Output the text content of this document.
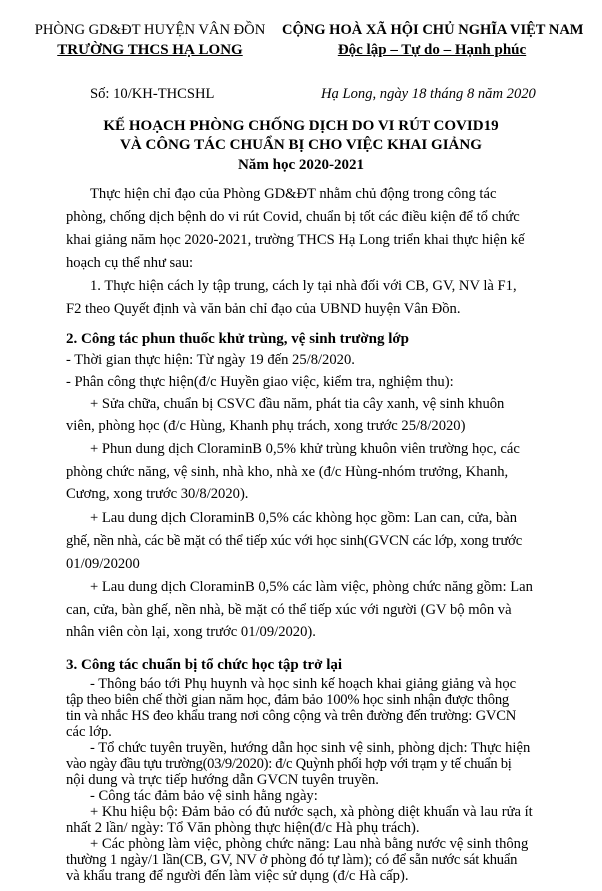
PHÒNG GD&ĐT HUYỆN VÂN ĐỒN
TRƯỜNG THCS HẠ LONG
CỘNG HOÀ XÃ HỘI CHỦ NGHĨA VIỆT NAM
Độc lập – Tự do – Hạnh phúc
Số: 10/KH-THCSHL	Hạ Long, ngày 18 tháng 8 năm 2020
KẾ HOẠCH PHÒNG CHỐNG DỊCH DO VI RÚT COVID19
VÀ CÔNG TÁC CHUẨN BỊ CHO VIỆC KHAI GIẢNG
Năm học 2020-2021
Thực hiện chỉ đạo của Phòng GD&ĐT nhằm chủ động trong công tác
phòng, chống dịch bệnh do vi rút Covid, chuẩn bị tốt các điều kiện để tổ chức
khai giảng năm học 2020-2021, trường THCS Hạ Long triển khai thực hiện kế
hoạch cụ thể như sau:
1. Thực hiện cách ly tập trung, cách ly tại nhà đối với CB, GV, NV là F1,
F2 theo Quyết định và văn bản chỉ đạo của UBND huyện Vân Đồn.
2. Công tác phun thuốc khử trùng, vệ sinh trường lớp
- Thời gian thực hiện: Từ ngày 19 đến 25/8/2020.
- Phân công thực hiện(đ/c Huyền giao việc, kiểm tra, nghiệm thu):
+ Sửa chữa, chuẩn bị CSVC đầu năm, phát tia cây xanh, vệ sinh khuôn
viên, phòng học (đ/c Hùng, Khanh phụ trách, xong trước 25/8/2020)
+ Phun dung dịch CloraminB 0,5% khử trùng khuôn viên trường học, các
phòng chức năng, vệ sinh, nhà kho, nhà xe (đ/c Hùng-nhóm trưởng, Khanh,
Cương, xong trước 30/8/2020).
+ Lau dung dịch CloraminB 0,5% các khòng học gồm: Lan can, cửa, bàn
ghế, nền nhà, các bề mặt có thể tiếp xúc với học sinh(GVCN các lớp, xong trước
01/09/20200
+ Lau dung dịch CloraminB 0,5% các làm việc, phòng chức năng gồm: Lan
can, cửa, bàn ghế, nền nhà, bề mặt có thể tiếp xúc với người (GV bộ môn và
nhân viên còn lại, xong trước 01/09/2020).
3. Công tác chuẩn bị tổ chức học tập trở lại
- Thông báo tới Phụ huynh và học sinh kế hoạch khai giảng giảng và học
tập theo biên chế thời gian năm học, đảm bảo 100% học sinh nhận được thông
tin và nhắc HS đeo khẩu trang nơi công cộng và trên đường đến trường: GVCN
các lớp.
- Tổ chức tuyên truyền, hướng dẫn học sinh vệ sinh, phòng dịch: Thực hiện
vào ngày đầu tựu trường(03/9/2020): đ/c Quỳnh phối hợp với trạm y tế chuẩn bị
nội dung và trực tiếp hướng dẫn GVCN tuyên truyền.
- Công tác đảm bảo vệ sinh hằng ngày:
+ Khu hiệu bộ: Đảm bảo có đủ nước sạch, xà phòng diệt khuẩn và lau rửa ít
nhất 2 lần/ ngày: Tổ Văn phòng thực hiện(đ/c Hà phụ trách).
+ Các phòng làm việc, phòng chức năng: Lau nhà bằng nước vệ sinh thông
thường 1 ngày/1 lần(CB, GV, NV ở phòng đó tự làm); có để sẵn nước sát khuẩn
và khẩu trang để người đến làm việc sử dụng (đ/c Hà cấp).
